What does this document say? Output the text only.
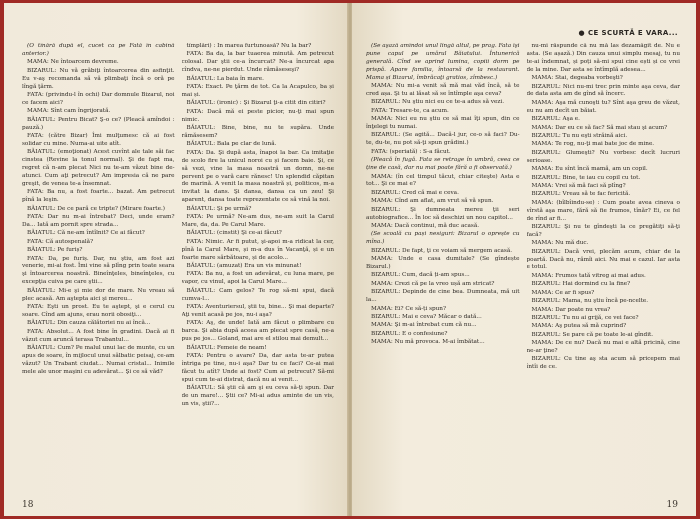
(O tînără după el, cucet ca pe Fată în cabină anterior.)

MAMA: Ne întoarcem devreme.

BIZARUL: Nu vă grăbiţi întoarcerea din asfinţit. Eu v-aş recomanda să vă plimbaţi încă o oră pe lîngă ţărm.

FATA: (privindu-l în ochi) Dar domnule Bizarul, noi ce facem aici?

MAMA: Sînt cam îngrijorată.

BĂIATUL: Pentru Bicat? Ş-o ce? (Pleacă amîndoi : pauză.)

FATA: (către Bizar) Îmi mulţumesc că ai fost solidar cu mine. Numa-ai uite atît.

BĂIATUL: (emoţionat) Acest cuvînt ale tale săi fac cinstea (Revine la tonul normal). Şi de fapt ma, regret că n-am plecat Nici nu te-am văzut bine de-atunci. Cum aţi petrecut? Am impresia că ne pare greşit, de venea te-a însemnat.

FATA: Ba nu, a fost foarte... bazat. Am petrecut pînă la leşin.

BĂIATUL: De ce pară ce tripte? (Mirare foarte.)

FATA: Dar nu m-ai întrebat? Deci, unde eram? Da... Iată am pornit spre strada...

BĂIATUL: Că ne-am întîlnit? Ce ai făcut?

FATA: Că autospenală?

BĂIATUL: Pe furiș?

FATA: Da, pe furiș. Dar, nu ştiu, am fost azi venerie, mi-ai fost. Îmi vine să plîng prin toate seara şi întoarcerea noastră. Bineînţeles, bineînţeles, cu excepţia cuiva pe care ştii...

BĂIATUL: Mi-e şi mie dor de mare. Nu vreau să plec acasă. Am aştepta aici şi mereu...

FATA: Eşti un prost. Eu te aştept, şi e cerul cu soare. Cînd am ajuns, erau norii obosiţi...

BĂIATUL: Din cauza călătoriei nu ai încă...

FATA: Absolut... A fost bine în gradini. Dacă ai fi văzut cum aruncă terasa Trabantul...

BĂIATUL: Cum? Pe malul unui lac de munte, cu un apus de soare, în mijlocul unui sălbatic peisaj, ce-am văzut? Un Trabant ciudat... Numai cristal... Inimile mele ale unor maşini cu adevărat... Şi ce să văd?

tîmplări) : În marea furtunoasă? Nu la bar?

FATA: Ba da, la bar tuaerea minută. Am petrecut colosal. Dar ştii ce-a încurcat? Ne-a încurcat apa cîndva, ne-ne pierdut. Unde rămăseseşi?

BĂIATUL: La baia în mare.

FATA: Exact. Pe ţărm de tot. Ca la Acapulco, ba și mai și.

BĂIATUL: (ironic) : Şi Bizarul ţi-a citit din citiri?

FATA: Dacă mă ei peste picior, nu-ţi mai spun nimic.

BĂIATUL: Bine, bine, nu te supăra. Unde rămăsesem?

BĂIATUL: Bala pe clar de lună.

FATA: Da. Şi după asta, înapoi la bar. Ca imitaţie de scolo fire la unicul noroi cu și facem baie. Şi, ce să vezi, vine la masa noastră un domn, ne-ne pervent pe o vară care rănesc! Un splendid căpitan de marină. A venit la masa noastră și, politicos, m-a invitat la dans. Şi dansa, dansa ca un zeu! Şi aparent, dansa toate reprezentate ce să vină la noi.

BĂIATUL: Şi pe urmă?

FATA: Pe urmă? Ne-am dus, ne-am suit la Carul Mare, da, da. Pe Carul Mare.

BĂIATUL: (cinstit) Şi ce-ai făcut?

FATA: Nimic. Ar fi putut, şi-apoi m-a ridicat la cer, pînă la Carul Mare, și m-a dus în Vacanţă, și e un foarte mare sărbătoare, și de acolo...

BĂIATUL: (amuzat) Era un vis minunat!

FATA: Ba nu, a fost un adevărat, cu luna mare, pe vapor, cu vinul, apoi la Carul Mare...

BĂIATUL: Cam gelos? Te rog să-mi spui, dacă cumva-l...

FATA: Aventuriersul, ştii tu, bine... Şi mai departe? Aţi venit acasă pe jos, nu-i aşa?

FATA: Aş, de unde! Iată am făcut o plimbare cu barca. Şi abia după aceea am plecat spre casă, ne-a pus pe jos... Goland, mai are el stilou mai demult...

BĂIATUL: Femeie de neam!

FATA: Pentru o avare? Da, dar asta te-ar putea întriga pe tine, nu-i aşa? Dar tu ce faci? Ce-ai mai făcut tu atît? Unde ai fost? Cum ai petrecut? Să-mi spui cum te-ai distrat, dacă nu ai venit...

BĂIATUL: Să ştii că am şi eu ceva să-ţi spun. Dar de un mare!... Ştii ce? Mi-ai adus aminte de un vis, un vis, ştii?...

18
● CE SCURTĂ E VARA...

(Se aşază amîndoi unul lîngă altul, pe prag. Fata îşi pune capul pe umărul Băiatului. Întunerică generală. Cînd se aprind lumina, copiii dorm pe prispă. Apare familia, întoarsă de la restaurant. Mama și Bizarul, îmbrăcaţi gratios, zîmbesc.)

MAMA: Nu mi-a venit să mă mai văd încă, să te cred așa. Şi tu ai lăsat să se întîmple aşa ceva?

BIZARUL: Nu ştiu nici eu ce te-a adus să vezi.

FATA: Tresare-te, ca acum.

MAMA: Nici eu nu ştiu ce să mai îţi spun, din ce înţelegi tu numai.

BIZARUL: (Se agită... Dacă-l jur, ce-o să faci? Du-te, du-te, nu pot să-ţi spun grădini.)

FATA: (speriată) : S-a făcut.

(Pleacă în fugă. Fata se retrage în umbră, ceea ce ține de casă, dar nu mai poate fără a fi observată.)

MAMA: (în cel timpul tăcut, chiar citeşte) Asta e tot... Şi ce mai e?

BIZARUL: Cred că mai e ceva.

MAMA: Cînd am aflat, am vrut să vă spun.

BIZARUL: Şi dumneata mereu ţii seri autobiografice... În loc să deschizi un nou capitol...

MAMA: Dacă continui, mă duc acasă.

(Se scoală cu pași nesiguri: Bizarul o oprește cu mîna.)

BIZARUL: De fapt, ţi ce voiam să mergem acasă.

MAMA: Unde e casa dumitale? (Se gîndește Bizarul.)

BIZARUL: Cum, dacă ți-am spus...

MAMA: Crezi că pe la vreo ușă am stricat?

BIZARUL: Depinde de cine bea. Dumneata, mă uit la...

MAMA: Ei? Ce să-ți spun?

BIZARUL: Mai e ceva? Măcar o dată...

MAMA: Şi m-ai întrebat cum că nu...

BIZARUL: E o confesiune?

MAMA: Nu mă provoca. M-ai îmbătat...

nu-mi răspunde că nu mă las dezamăgit de. Nu e asta. (Se așază.) Din cauza unui simplu mesaj, tu nu te-ai îndemnat, și poți să-mi spui cine ești și ce vrei de la mine. Dar asta se întîmplă adesea...

MAMA: Stai, degeaba vorbeşti?

BIZARUL: Nici nu-mi trec prin minte aşa ceva, dar de data asta am de gînd să încerc.

MAMA: Aşa mă cunoşti tu? Sînt aşa greu de văzut, eu nu am decît un băiat.

BIZARUL: Aşa e.

MAMA: Dar eu ce să fac? Să mai stau şi acum?

BIZARUL: Tu nu eşti străină aici.

MAMA: Te rog, nu-ţi mai bate joc de mine.

BIZARUL: Glumeşti? Nu vorbesc decît lucruri serioase.

MAMA: Eu sînt încă mamă, am un copil.

BIZARUL: Bine, te iau cu copil cu tot.

MAMA: Vrei să mă faci să plîng?

BIZARUL: Vreau să te fac fericită.

MAMA: (bîlbîindu-se) : Cum poate avea cineva o vîrstă aşa mare, fără să fie frumos, tînăr? Ei, ce fel de rînd ar fi...

BIZARUL: Şi nu te gîndeşti la ce pregătiţi să-ţi facă?

MAMA: Nu mă duc.

BIZARUL: Dacă vrei, plecăm acum, chiar de la poartă. Dacă nu, rămîi aici. Nu mai e cazul. Iar asta e totul.

MAMA: Frumos tată vitreg ai mai adus.

BIZARUL: Hai dormind cu la fine?

MAMA: Ce ar fi spus?

BIZARUL: Mama, nu ştiu încă pe-ncelte.

MAMA: Dar poate nu vrea?

BIZARUL: Tu nu ai grijă, ce vei face?

MAMA: Aş putea să mă cuprind?

BIZARUL: Se pare că pe toate le-ai gîndit.

MAMA: De ce nu? Dacă nu mai e altă pricină, cine ne-ar ţine?

BIZARUL: Cu tine aş sta acum să pricepem mai întîi de ce.

19
